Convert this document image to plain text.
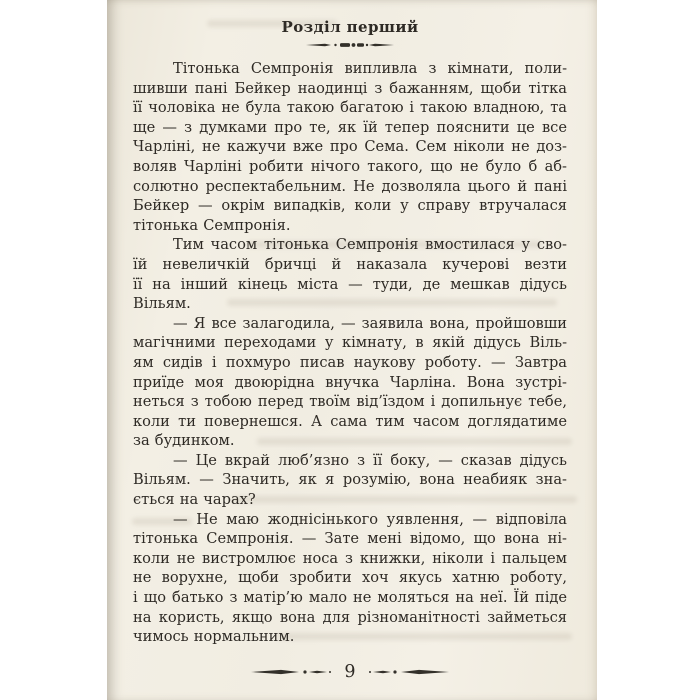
Розділ перший
Тітонька Семпронія випливла з кімнати, поли-
шивши пані Бейкер наодинці з бажанням, щоби тітка
її чоловіка не була такою багатою і такою владною, та
ще — з думками про те, як їй тепер пояснити це все
Чарліні, не кажучи вже про Сема. Сем ніколи не доз-
воляв Чарліні робити нічого такого, що не було б аб-
солютно респектабельним. Не дозволяла цього й пані
Бейкер — окрім випадків, коли у справу втручалася
тітонька Семпронія.
Тим часом тітонька Семпронія вмостилася у сво-
їй невеличкій бричці й наказала кучерові везти
її на інший кінець міста — туди, де мешкав дідусь
Вільям.
— Я все залагодила, — заявила вона, пройшовши
магічними переходами у кімнату, в якій дідусь Віль-
ям сидів і похмуро писав наукову роботу. — Завтра
приїде моя двоюрідна внучка Чарліна. Вона зустрі-
неться з тобою перед твоїм від’їздом і допильнує тебе,
коли ти повернешся. А сама тим часом доглядатиме
за будинком.
— Це вкрай люб’язно з її боку, — сказав дідусь
Вільям. — Значить, як я розумію, вона неабияк зна-
ється на чарах?
— Не маю жоднісінького уявлення, — відповіла
тітонька Семпронія. — Зате мені відомо, що вона ні-
коли не вистромлює носа з книжки, ніколи і пальцем
не ворухне, щоби зробити хоч якусь хатню роботу,
і що батько з матір’ю мало не моляться на неї. Їй піде
на користь, якщо вона для різноманітності займеться
чимось нормальним.
9
